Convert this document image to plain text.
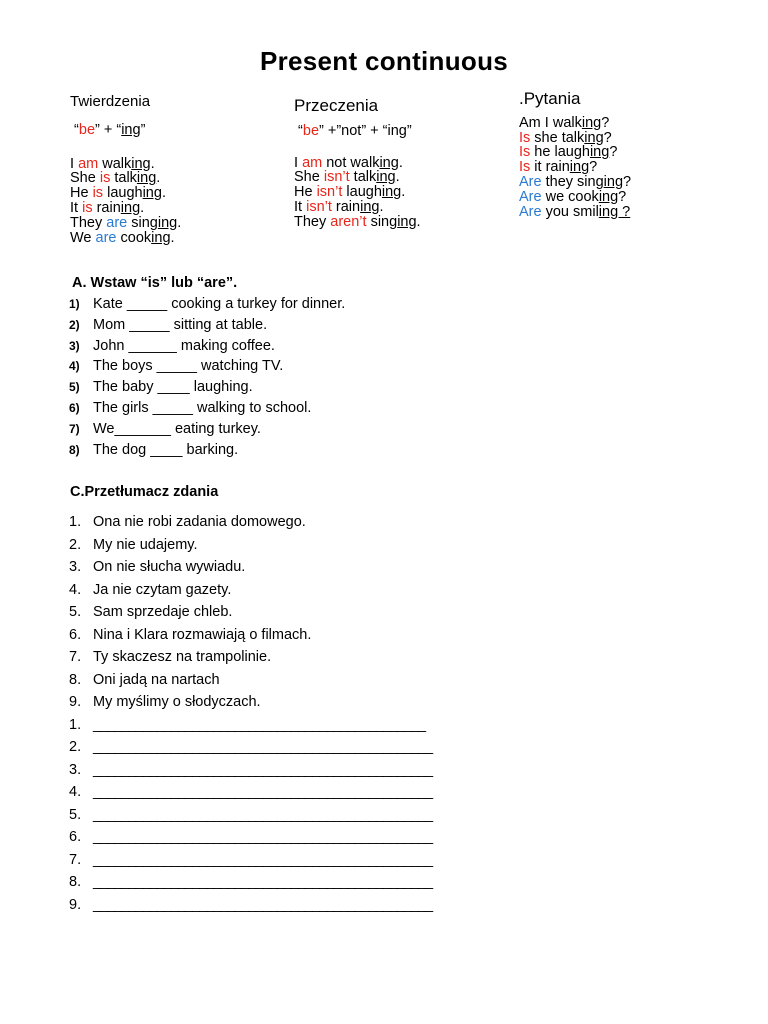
Present continuous
Twierdzenia
“be” + “ing”
I am walking.
She is talking.
He is laughing.
It is raining.
They are singing.
We are cooking.
Przeczenia
“be” +”not” + “ing”
I am not walking.
She isn’t talking.
He isn’t laughing.
It isn’t raining.
They aren’t singing.
.Pytania
Am I walking?
Is she talking?
Is he laughing?
Is it raining?
Are they singing?
Are we cooking?
Are you smiling ?
A. Wstaw “is” lub “are”.
1) Kate _____ cooking a turkey for dinner.
2) Mom _____ sitting at table.
3) John ______ making coffee.
4) The boys _____ watching TV.
5) The baby ____ laughing.
6) The girls _____ walking to school.
7) We_______ eating turkey.
8) The dog ____ barking.
C.Przetłumacz zdania
1. Ona nie robi zadania domowego.
2. My nie udajemy.
3. On nie słucha wywiadu.
4. Ja nie czytam gazety.
5. Sam sprzedaje chleb.
6. Nina i Klara rozmawiają o filmach.
7. Ty skaczesz na trampolinie.
8. Oni jadą na nartach
9. My myślimy o słodyczach.
1. _______________________________________________
2. ________________________________________________
3. ________________________________________________
4. ________________________________________________
5. ________________________________________________
6. ________________________________________________
7. ________________________________________________
8. ________________________________________________
9. ________________________________________________
